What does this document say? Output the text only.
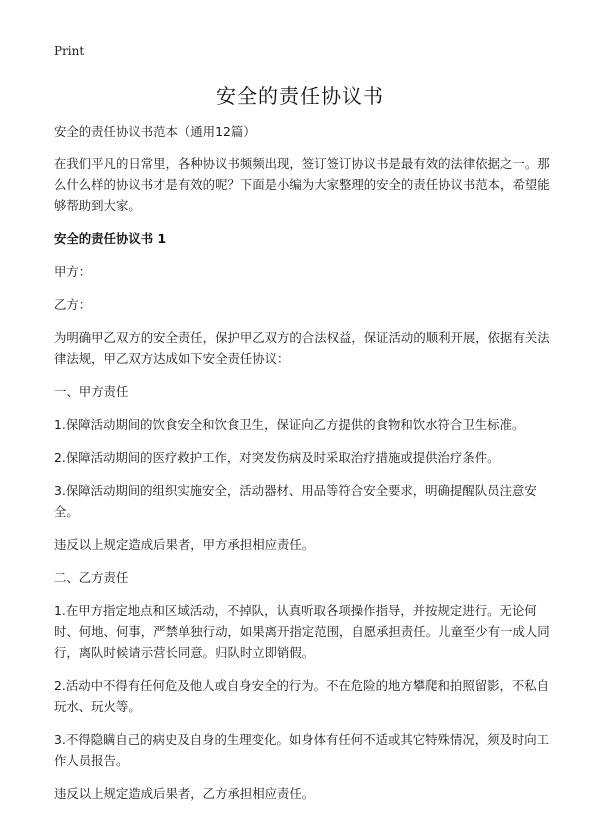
Print
安全的责任协议书

安全的责任协议书范本（通用12篇）

在我们平凡的日常里，各种协议书频频出现，签订签订协议书是最有效的法律依据之一。那么什么样的协议书才是有效的呢？下面是小编为大家整理的安全的责任协议书范本，希望能够帮助到大家。

安全的责任协议书 1

甲方：

乙方：

为明确甲乙双方的安全责任，保护甲乙双方的合法权益，保证活动的顺利开展，依据有关法律法规，甲乙双方达成如下安全责任协议：

一、甲方责任

1.保障活动期间的饮食安全和饮食卫生，保证向乙方提供的食物和饮水符合卫生标准。

2.保障活动期间的医疗救护工作，对突发伤病及时采取治疗措施或提供治疗条件。

3.保障活动期间的组织实施安全，活动器材、用品等符合安全要求，明确提醒队员注意安全。

违反以上规定造成后果者，甲方承担相应责任。

二、乙方责任

1.在甲方指定地点和区域活动，不掉队，认真听取各项操作指导，并按规定进行。无论何时、何地、何事，严禁单独行动，如果离开指定范围，自愿承担责任。儿童至少有一成人同行，离队时候请示营长同意。归队时立即销假。

2.活动中不得有任何危及他人或自身安全的行为。不在危险的地方攀爬和拍照留影，不私自玩水、玩火等。

3.不得隐瞒自己的病史及自身的生理变化。如身体有任何不适或其它特殊情况，须及时向工作人员报告。

违反以上规定造成后果者，乙方承担相应责任。
